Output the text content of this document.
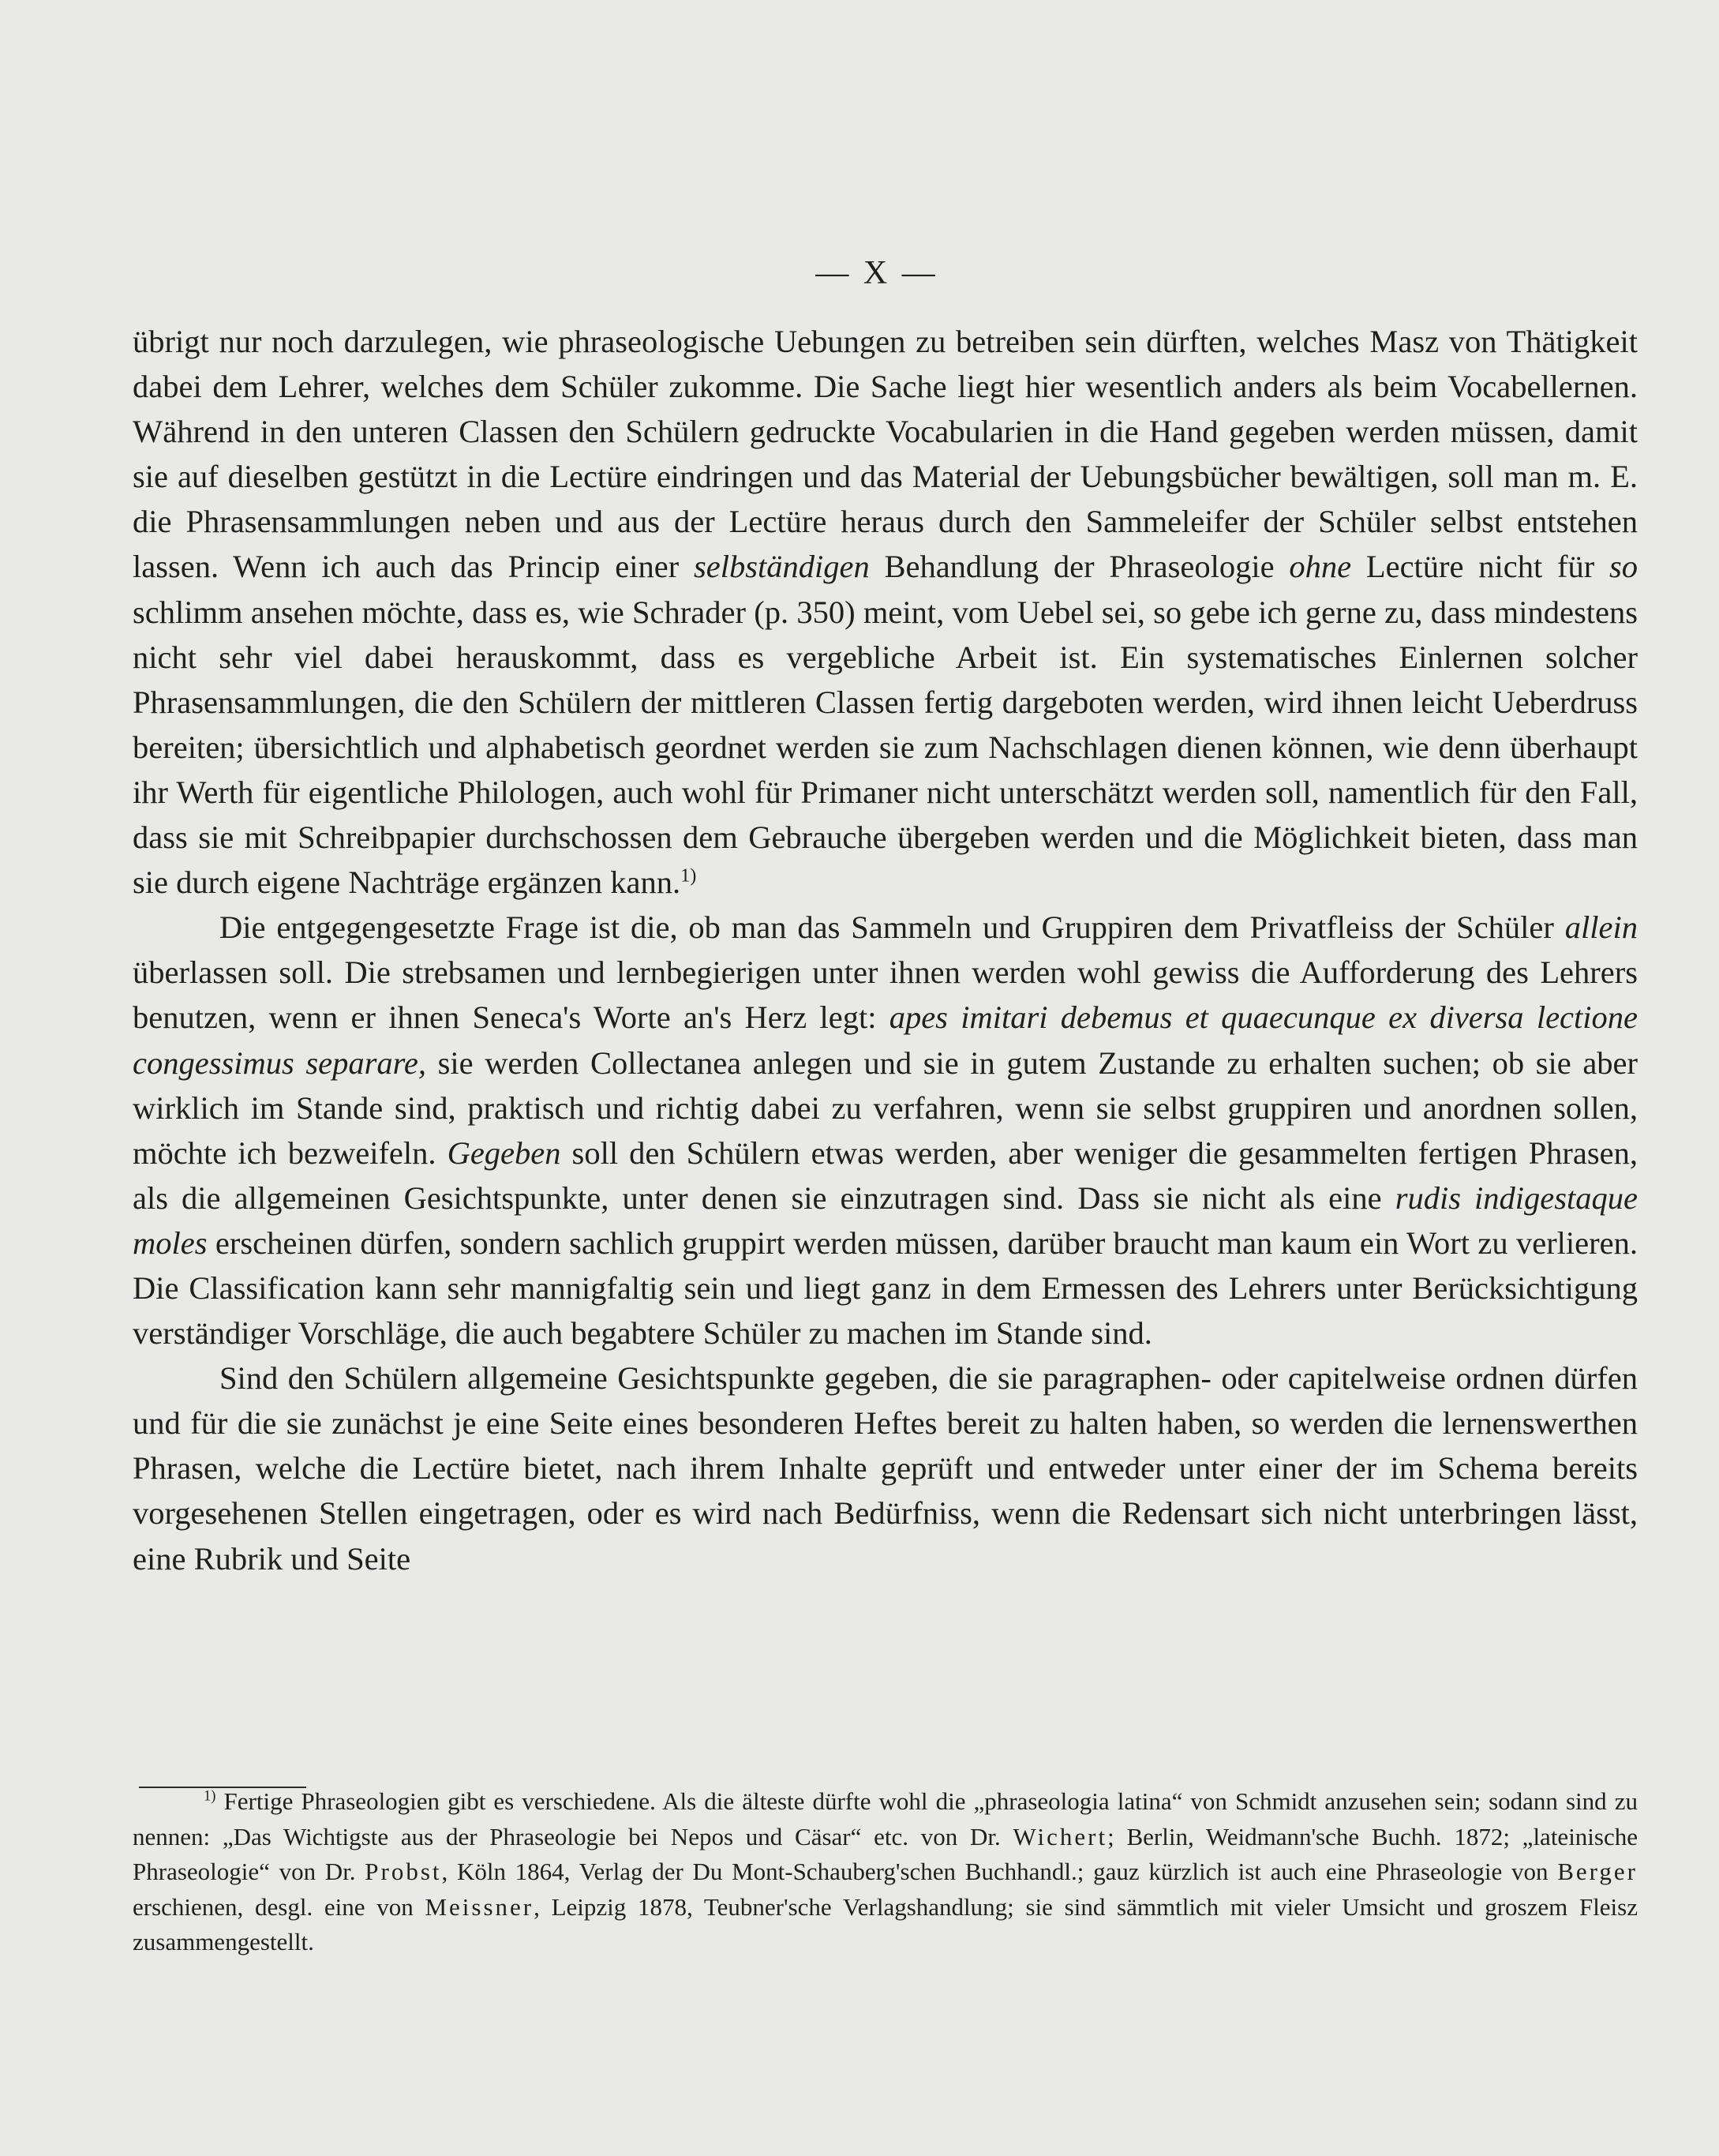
— X —

übrigt nur noch darzulegen, wie phraseologische Uebungen zu betreiben sein dürften, welches Masz von Thätigkeit dabei dem Lehrer, welches dem Schüler zukomme. Die Sache liegt hier wesentlich anders als beim Vocabellernen. Während in den unteren Classen den Schülern gedruckte Vocabularien in die Hand gegeben werden müssen, damit sie auf dieselben gestützt in die Lectüre eindringen und das Material der Uebungsbücher bewältigen, soll man m. E. die Phrasensammlungen neben und aus der Lectüre heraus durch den Sammeleifer der Schüler selbst entstehen lassen. Wenn ich auch das Princip einer selbständigen Behandlung der Phraseologie ohne Lectüre nicht für so schlimm ansehen möchte, dass es, wie Schrader (p. 350) meint, vom Uebel sei, so gebe ich gerne zu, dass mindestens nicht sehr viel dabei herauskommt, dass es vergebliche Arbeit ist. Ein systematisches Einlernen solcher Phrasensammlungen, die den Schülern der mittleren Classen fertig dargeboten werden, wird ihnen leicht Ueberdruss bereiten; übersichtlich und alphabetisch geordnet werden sie zum Nachschlagen dienen können, wie denn überhaupt ihr Werth für eigentliche Philologen, auch wohl für Primaner nicht unterschätzt werden soll, namentlich für den Fall, dass sie mit Schreibpapier durchschossen dem Gebrauche übergeben werden und die Möglichkeit bieten, dass man sie durch eigene Nachträge ergänzen kann.$^{1)}$

Die entgegengesetzte Frage ist die, ob man das Sammeln und Gruppiren dem Privatfleiss der Schüler allein überlassen soll. Die strebsamen und lernbegierigen unter ihnen werden wohl gewiss die Aufforderung des Lehrers benutzen, wenn er ihnen Seneca's Worte an's Herz legt: apes imitari debemus et quaecunque ex diversa lectione congessimus separare, sie werden Collectanea anlegen und sie in gutem Zustande zu erhalten suchen; ob sie aber wirklich im Stande sind, praktisch und richtig dabei zu verfahren, wenn sie selbst gruppiren und anordnen sollen, möchte ich bezweifeln. Gegeben soll den Schülern etwas werden, aber weniger die gesammelten fertigen Phrasen, als die allgemeinen Gesichtspunkte, unter denen sie einzutragen sind. Dass sie nicht als eine rudis indigestaque moles erscheinen dürfen, sondern sachlich gruppirt werden müssen, darüber braucht man kaum ein Wort zu verlieren. Die Classification kann sehr mannigfaltig sein und liegt ganz in dem Ermessen des Lehrers unter Berücksichtigung verständiger Vorschläge, die auch begabtere Schüler zu machen im Stande sind.

Sind den Schülern allgemeine Gesichtspunkte gegeben, die sie paragraphen- oder capitelweise ordnen dürfen und für die sie zunächst je eine Seite eines besonderen Heftes bereit zu halten haben, so werden die lernenswerthen Phrasen, welche die Lectüre bietet, nach ihrem Inhalte geprüft und entweder unter einer der im Schema bereits vorgesehenen Stellen eingetragen, oder es wird nach Bedürfniss, wenn die Redensart sich nicht unterbringen lässt, eine Rubrik und Seite

$^{1)}$ Fertige Phraseologien gibt es verschiedene. Als die älteste dürfte wohl die „phraseologia latina“ von Schmidt anzusehen sein; sodann sind zu nennen: „Das Wichtigste aus der Phraseologie bei Nepos und Cäsar“ etc. von Dr. Wichert; Berlin, Weidmann'sche Buchh. 1872; „lateinische Phraseologie“ von Dr. Probst, Köln 1864, Verlag der Du Mont-Schauberg'schen Buchhandl.; gauz kürzlich ist auch eine Phraseologie von Berger erschienen, desgl. eine von Meissner, Leipzig 1878, Teubner'sche Verlagshandlung; sie sind sämmtlich mit vieler Umsicht und groszem Fleisz zusammengestellt.
